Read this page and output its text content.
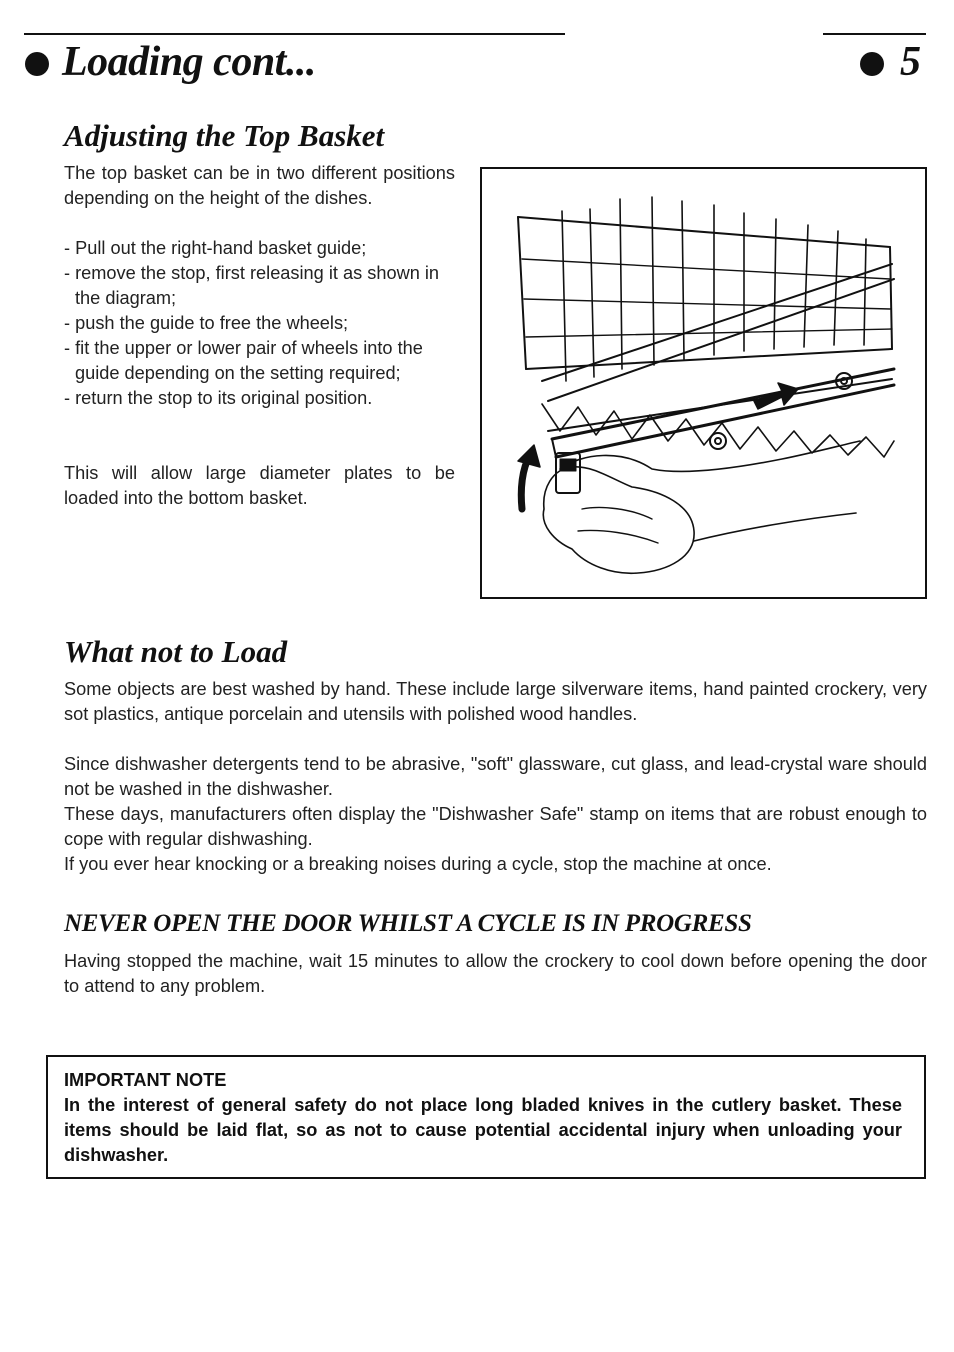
Loading cont...	5
Adjusting the Top Basket

The top basket can be in two different positions depending on the height of the dishes.

- Pull out the right-hand basket guide;
- remove the stop, first releasing it as shown in the diagram;
- push the guide to free the wheels;
- fit the upper or lower pair of wheels into the guide depending on the setting required;
- return the stop to its original position.

This will allow large diameter plates to be loaded into the bottom basket.

What not to Load

Some objects are best washed by hand. These include large silverware items, hand painted crockery, very sot plastics, antique porcelain and utensils with polished wood handles.

Since dishwasher detergents tend to be abrasive, "soft" glassware, cut glass, and lead-crystal ware should not be washed in the dishwasher.

These days, manufacturers often display the "Dishwasher Safe" stamp on items that are robust enough to cope with regular dishwashing.

If you ever hear knocking or a breaking noises during a cycle, stop the machine at once.

NEVER OPEN THE DOOR WHILST A CYCLE IS IN PROGRESS

Having stopped the machine, wait 15 minutes to allow the crockery to cool down before opening the door to attend to any problem.

IMPORTANT NOTE

In the interest of general safety do not place long bladed knives in the cutlery basket. These items should be laid flat, so as not to cause potential accidental injury when unloading your dishwasher.
